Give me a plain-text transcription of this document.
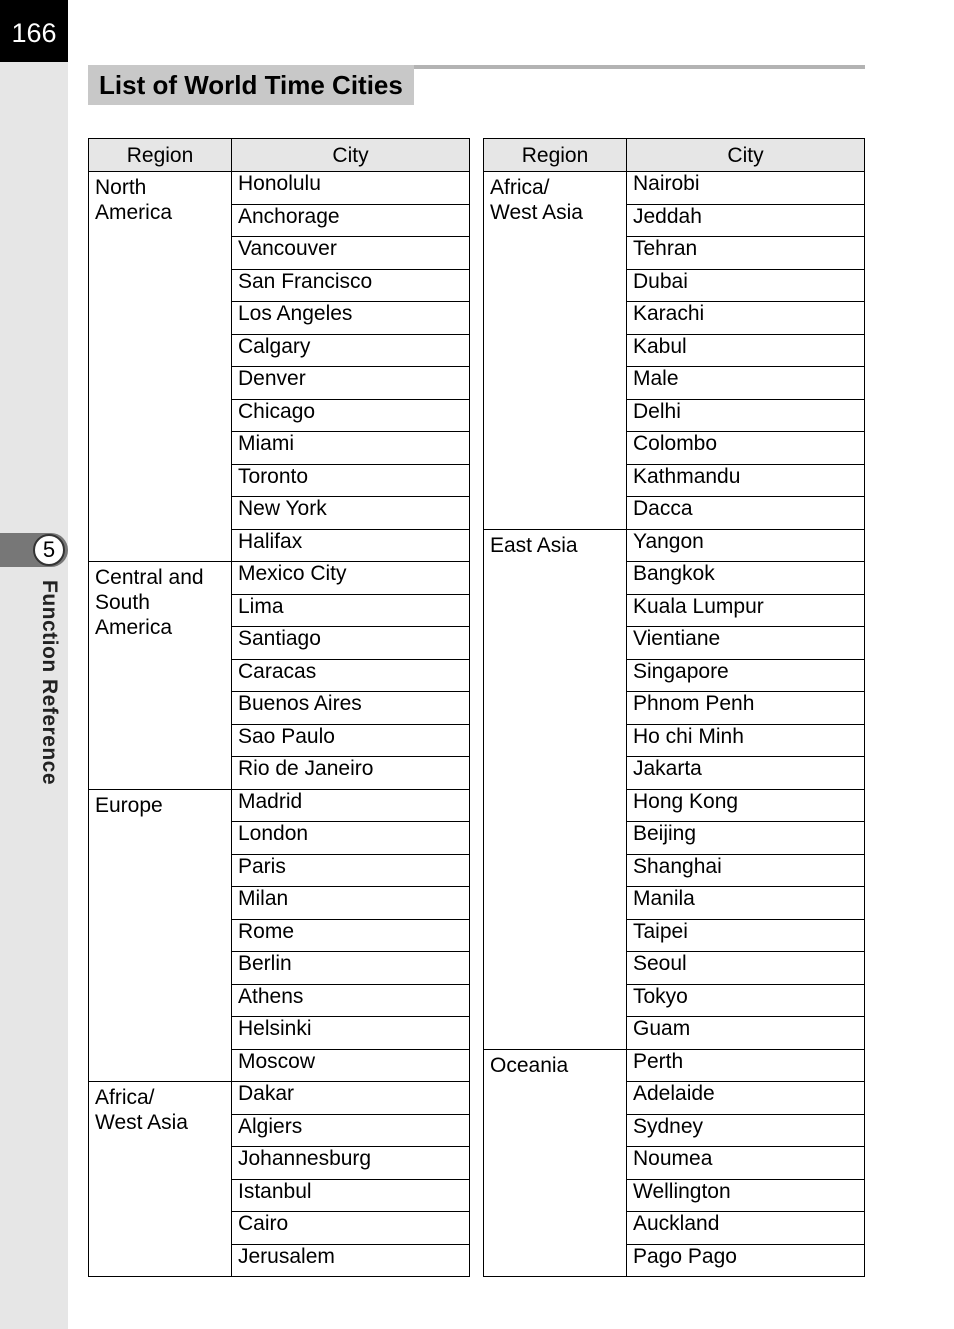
166
5
Function Reference
List of World Time Cities
Region	City
North
America	Honolulu
	Anchorage
	Vancouver
	San Francisco
	Los Angeles
	Calgary
	Denver
	Chicago
	Miami
	Toronto
	New York
	Halifax
Central and
South
America	Mexico City
	Lima
	Santiago
	Caracas
	Buenos Aires
	Sao Paulo
	Rio de Janeiro
Europe	Madrid
	London
	Paris
	Milan
	Rome
	Berlin
	Athens
	Helsinki
	Moscow
Africa/
West Asia	Dakar
	Algiers
	Johannesburg
	Istanbul
	Cairo
	Jerusalem
Region	City
Africa/
West Asia	Nairobi
	Jeddah
	Tehran
	Dubai
	Karachi
	Kabul
	Male
	Delhi
	Colombo
	Kathmandu
	Dacca
East Asia	Yangon
	Bangkok
	Kuala Lumpur
	Vientiane
	Singapore
	Phnom Penh
	Ho chi Minh
	Jakarta
	Hong Kong
	Beijing
	Shanghai
	Manila
	Taipei
	Seoul
	Tokyo
	Guam
Oceania	Perth
	Adelaide
	Sydney
	Noumea
	Wellington
	Auckland
	Pago Pago
